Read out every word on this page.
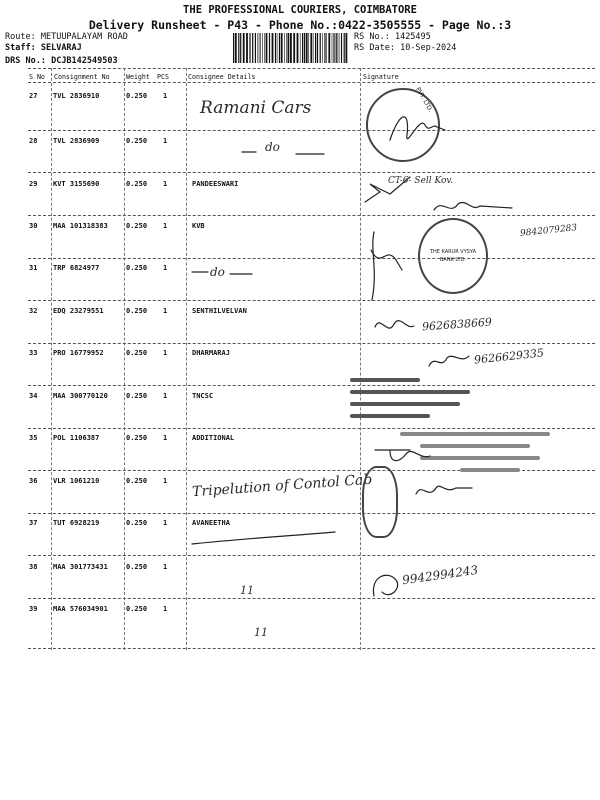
THE PROFESSIONAL COURIERS, COIMBATORE
Delivery Runsheet - P43 - Phone No.:0422-3505555 - Page No.:3
Route: METUUPALAYAM ROAD
Staff: SELVARAJ
DRS No.: DCJB142549503
RS No.: 1425495
RS Date: 10-Sep-2024
S No Consignment No Weight PCS	Consignee Details	Signature
27 TVL 2836910	0.250 1
28 TVL 2836909	0.250 1
29 KVT 3155690	0.250 1	PANDEESWARI
30 MAA 101318383	0.250 1	KVB
31 TRP 6824977	0.250 1
32 EDQ 23279551	0.250 1	SENTHILVELVAN
33 PRO 16779952	0.250 1	DHARMARAJ
34 MAA 300770120	0.250 1	TNCSC
35 POL 1106387	0.250 1	ADDITIONAL
36 VLR 1061210	0.250 1
37 TUT 6928219	0.250 1	AVANEETHA
38 MAA 301773431	0.250 1
39 MAA 576034901	0.250 1
Ramani Cars
do
PVT. LTD.
CT-6- Sell Kov.
9842079283
THE KARUR VYSYA BANK LTD.
do
9626838669
9626629335
Tripelution of Contol Cab
9942994243
11
11
